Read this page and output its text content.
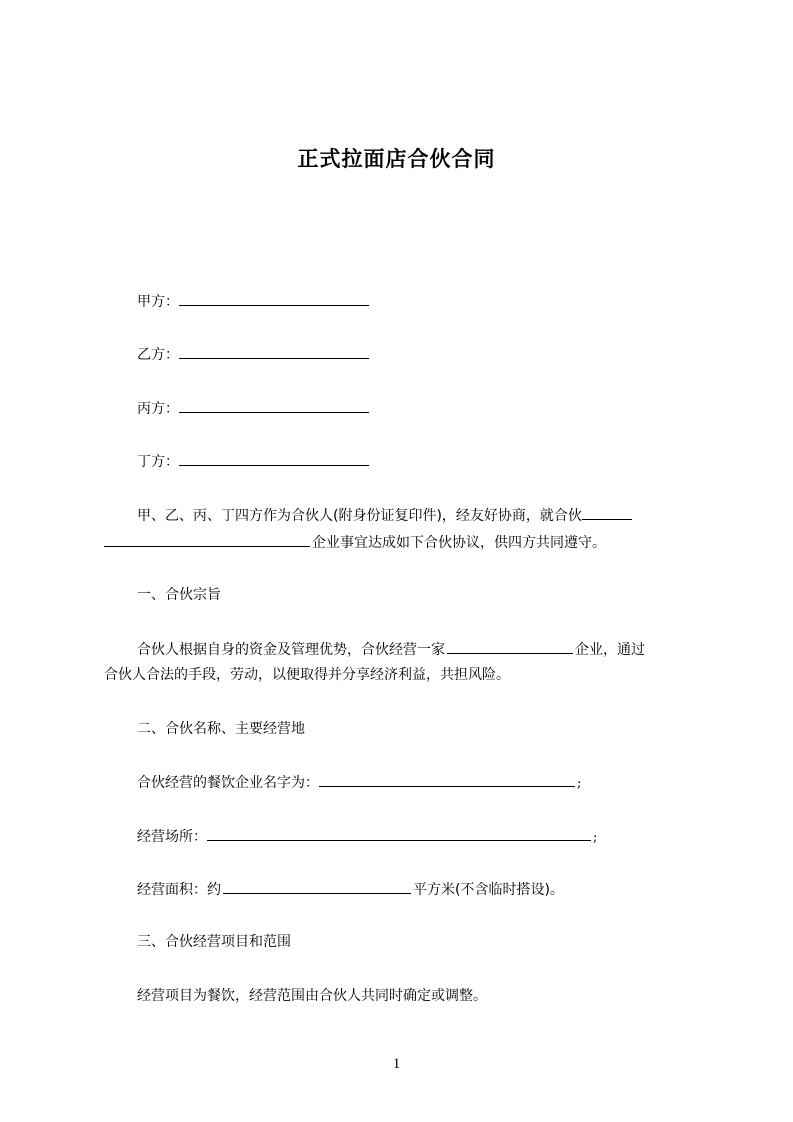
正式拉面店合伙合同
甲方：
乙方：
丙方：
丁方：
甲、乙、丙、丁四方作为合伙人(附身份证复印件)，经友好协商，就合伙
企业事宜达成如下合伙协议，供四方共同遵守。
一、合伙宗旨
合伙人根据自身的资金及管理优势，合伙经营一家	企业，通过
合伙人合法的手段，劳动，以便取得并分享经济利益，共担风险。
二、合伙名称、主要经营地
合伙经营的餐饮企业名字为：	;
经营场所：	;
经营面积：约	平方米(不含临时搭设)。
三、合伙经营项目和范围
经营项目为餐饮，经营范围由合伙人共同时确定或调整。
1
